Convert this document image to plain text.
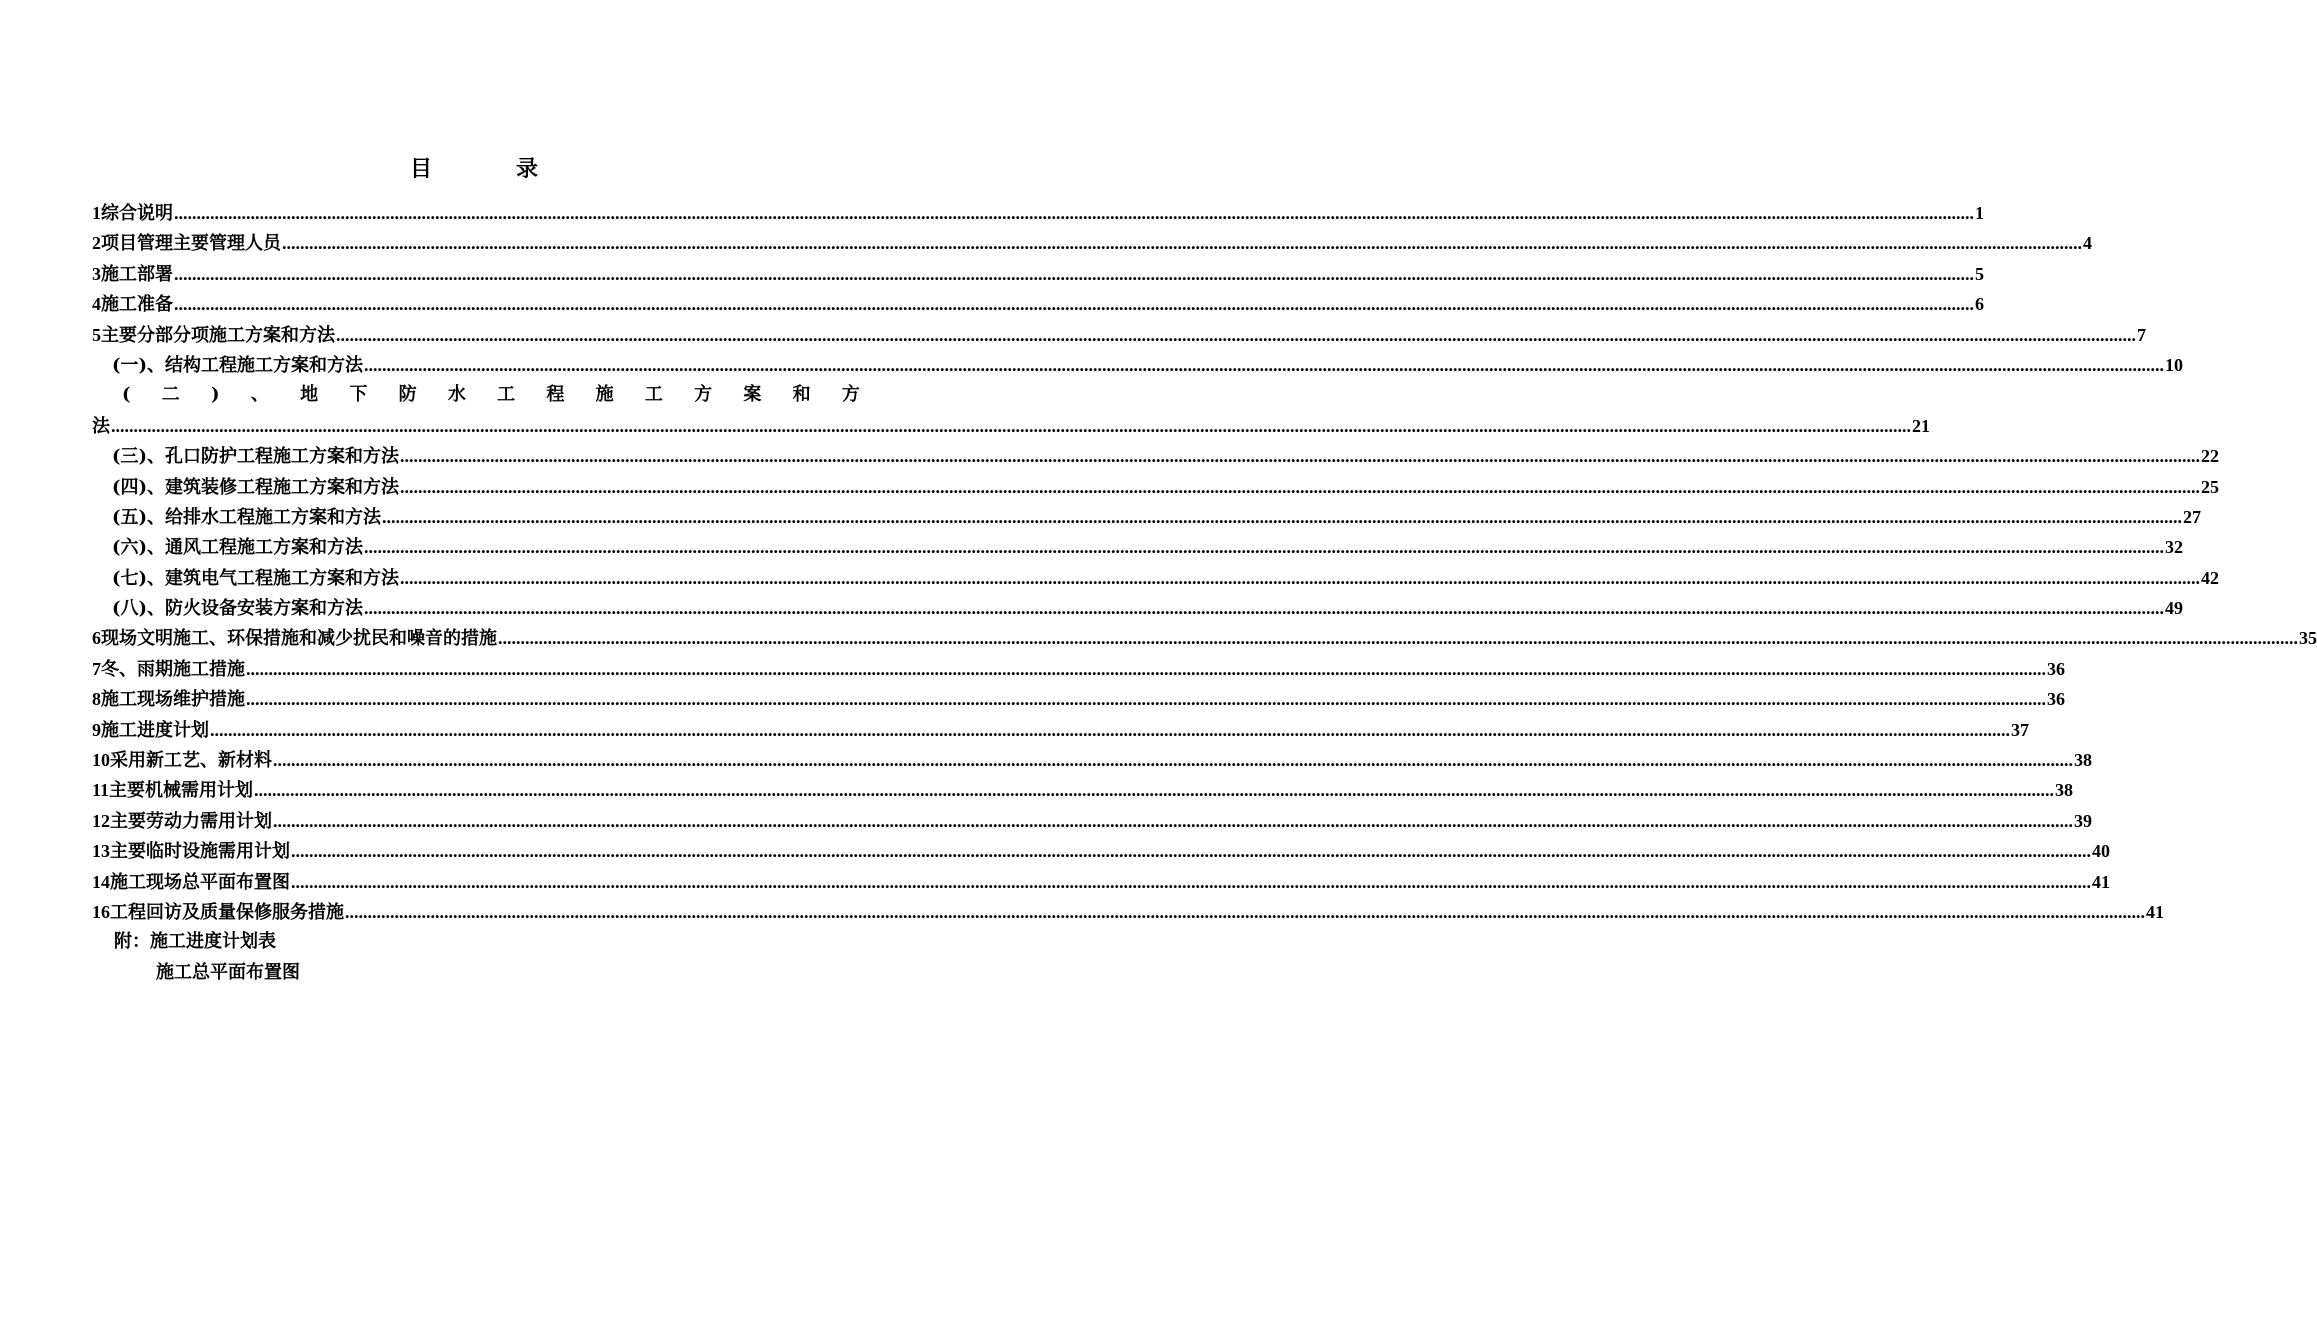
目	录
1 综合说明 ................................................................................................................................................................................................................................................................................................................................................................................................................ 1
2 项目管理主要管理人员 ................................................................................................................................................................................................................................................................................................................................................................................................................ 4
3 施工部署 ................................................................................................................................................................................................................................................................................................................................................................................................................ 5
4 施工准备 ................................................................................................................................................................................................................................................................................................................................................................................................................ 6
5 主要分部分项施工方案和方法 ................................................................................................................................................................................................................................................................................................................................................................................................................ 7
(一)、结构工程施工方案和方法 ................................................................................................................................................................................................................................................................................................................................................................................................................ 10
( 二 ) 、 地 下 防 水 工 程 施 工 方 案 和 方
法 ................................................................................................................................................................................................................................................................................................................................................................................................................ 21
(三)、孔口防护工程施工方案和方法 ................................................................................................................................................................................................................................................................................................................................................................................................................ 22
(四)、建筑装修工程施工方案和方法 ................................................................................................................................................................................................................................................................................................................................................................................................................ 25
(五)、给排水工程施工方案和方法 ................................................................................................................................................................................................................................................................................................................................................................................................................ 27
(六)、通风工程施工方案和方法 ................................................................................................................................................................................................................................................................................................................................................................................................................ 32
(七)、建筑电气工程施工方案和方法 ................................................................................................................................................................................................................................................................................................................................................................................................................ 42
(八)、防火设备安装方案和方法 ................................................................................................................................................................................................................................................................................................................................................................................................................ 49
6 现场文明施工、环保措施和减少扰民和噪音的措施 ................................................................................................................................................................................................................................................................................................................................................................................................................ 35
7 冬、雨期施工措施 ................................................................................................................................................................................................................................................................................................................................................................................................................ 36
8 施工现场维护措施 ................................................................................................................................................................................................................................................................................................................................................................................................................ 36
9 施工进度计划 ................................................................................................................................................................................................................................................................................................................................................................................................................ 37
10 采用新工艺、新材料 ................................................................................................................................................................................................................................................................................................................................................................................................................ 38
11 主要机械需用计划 ................................................................................................................................................................................................................................................................................................................................................................................................................ 38
12 主要劳动力需用计划 ................................................................................................................................................................................................................................................................................................................................................................................................................ 39
13 主要临时设施需用计划 ................................................................................................................................................................................................................................................................................................................................................................................................................ 40
14 施工现场总平面布置图 ................................................................................................................................................................................................................................................................................................................................................................................................................ 41
16 工程回访及质量保修服务措施 ................................................................................................................................................................................................................................................................................................................................................................................................................ 41
附：施工进度计划表
施工总平面布置图
